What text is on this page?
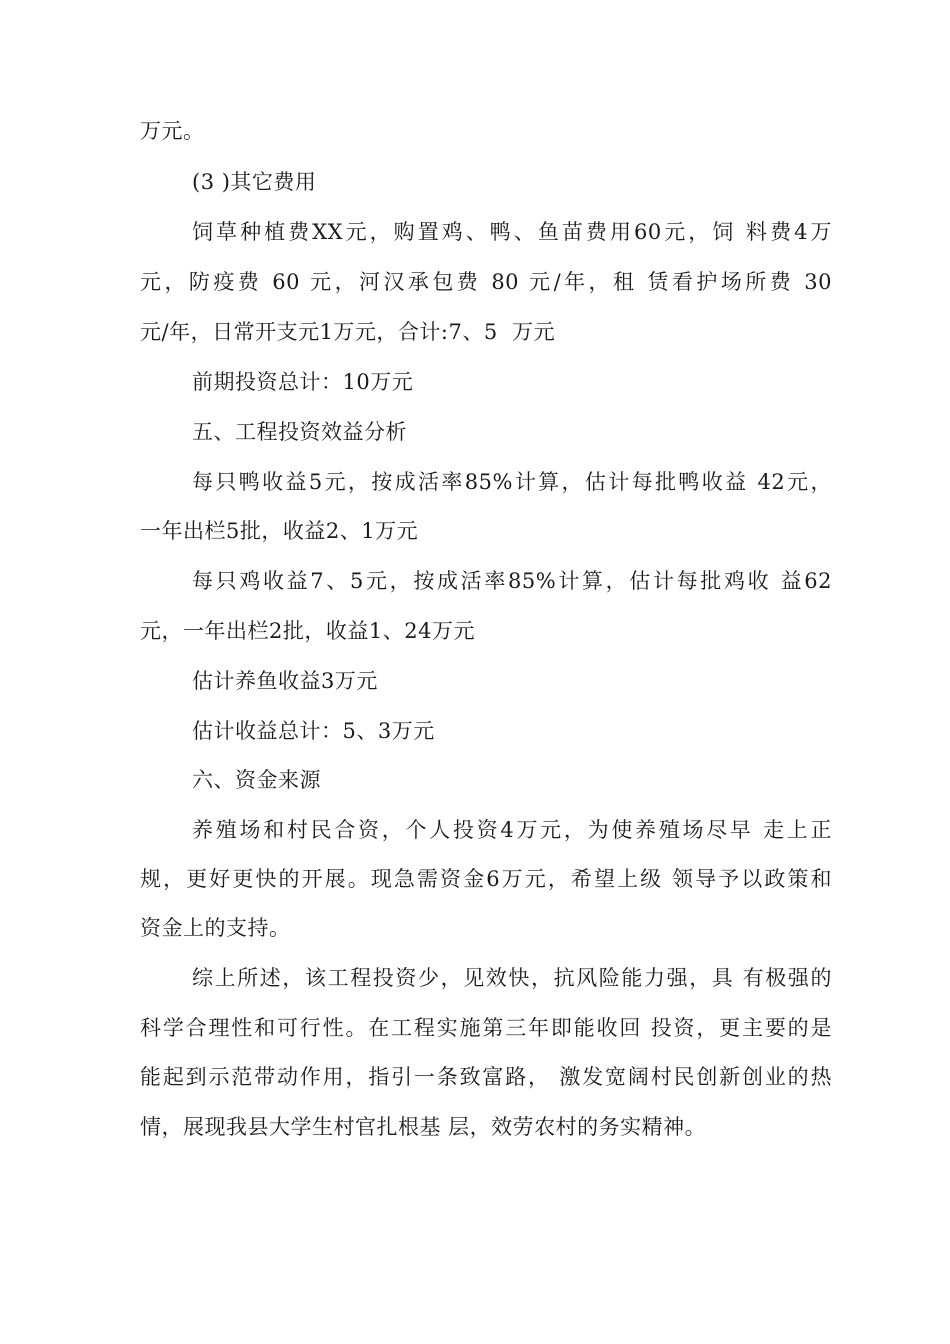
万元。
(3 )其它费用
饲草种植费XX元，购置鸡、鸭、鱼苗费用60元，饲 料费4万
元，防疫费 60 元，河汉承包费 80 元/年，租 赁看护场所费 30
元/年，日常开支元1万元，合计:7、5  万元
前期投资总计：10万元
五、工程投资效益分析
每只鸭收益5元，按成活率85%计算，估计每批鸭收益 42元，
一年出栏5批，收益2、1万元
每只鸡收益7、5元，按成活率85%计算，估计每批鸡收 益62
元，一年出栏2批，收益1、24万元
估计养鱼收益3万元
估计收益总计：5、3万元
六、资金来源
养殖场和村民合资，个人投资4万元，为使养殖场尽早 走上正
规，更好更快的开展。现急需资金6万元，希望上级 领导予以政策和
资金上的支持。
综上所述，该工程投资少，见效快，抗风险能力强，具 有极强的
科学合理性和可行性。在工程实施第三年即能收回 投资，更主要的是
能起到示范带动作用，指引一条致富路， 激发宽阔村民创新创业的热
情，展现我县大学生村官扎根基 层，效劳农村的务实精神。
